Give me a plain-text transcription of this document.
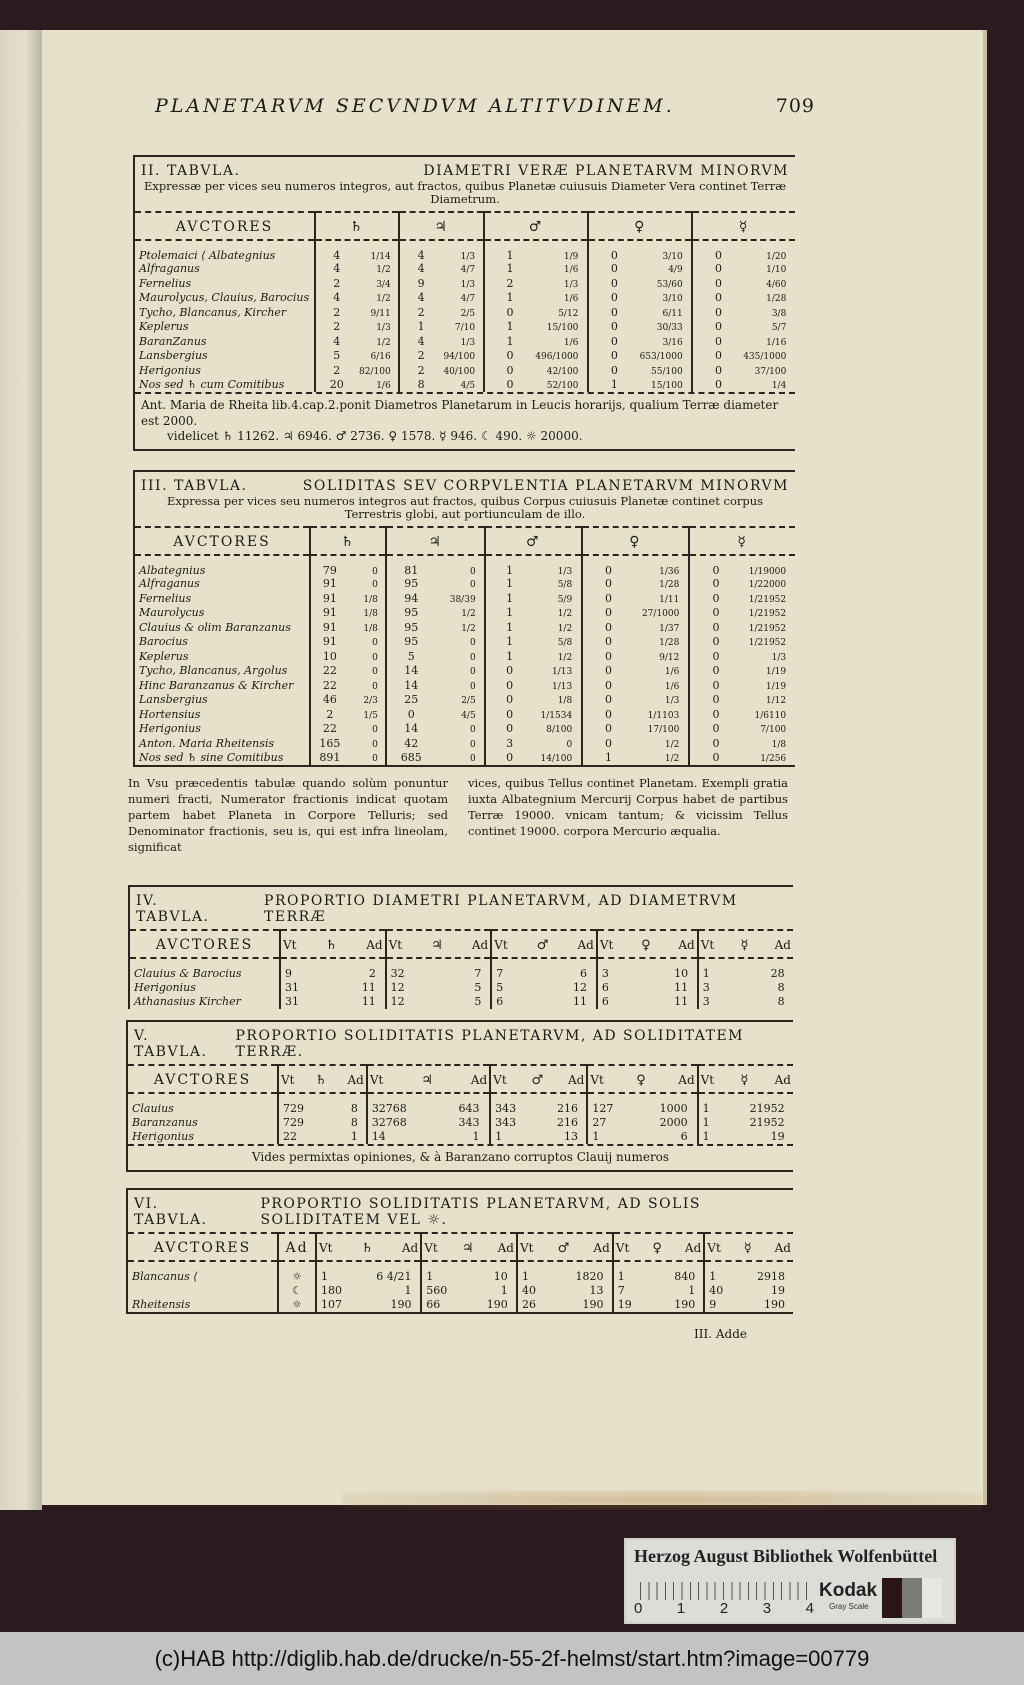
PLANETARVM SECVNDVM ALTITVDINEM.	709
II. TABVLA.	DIAMETRI VERÆ PLANETARVM MINORVM
Expressæ per vices seu numeros integros, aut fractos, quibus Planetæ cuiusuis Diameter Vera continet Terræ Diametrum.
AVCTORES	♄	♃	♂	♀	☿
Ptolemaici ⟨ Albategnius	4 1/14	4 1/3	1 1/9	0 3/10	0 1/20
Alfraganus	4 1/2	4 4/7	1 1/6	0 4/9	0 1/10
Fernelius	2 3/4	9 1/3	2 1/3	0 53/60	0 4/60
Maurolycus, Clauius, Barocius	4 1/2	4 4/7	1 1/6	0 3/10	0 1/28
Tycho, Blancanus, Kircher	2 9/11	2 2/5	0 5/12	0 6/11	0 3/8
Keplerus	2 1/3	1 7/10	1 15/100	0 30/33	0 5/7
BaranZanus	4 1/2	4 1/3	1 1/6	0 3/16	0 1/16
Lansbergius	5 6/16	2 94/100	0 496/1000	0 653/1000	0 435/1000
Herigonius	2 82/100	2 40/100	0 42/100	0 55/100	0 37/100
Nos sed ♄ cum Comitibus	20 1/6	8 4/5	0 52/100	1 15/100	0 1/4
Ant. Maria de Rheita lib.4.cap.2.ponit Diametros Planetarum in Leucis horarijs, qualium Terræ diameter est 2000.
videlicet ♄ 11262. ♃ 6946. ♂ 2736. ♀ 1578. ☿ 946. ☾ 490. ☼ 20000.
III. TABVLA.	SOLIDITAS SEV CORPVLENTIA PLANETARVM MINORVM
Expressa per vices seu numeros integros aut fractos, quibus Corpus cuiusuis Planetæ continet corpus Terrestris globi, aut portiunculam de illo.
AVCTORES	♄	♃	♂	♀	☿
Albategnius	79 0	81 0	1 1/3	0 1/36	0 1/19000
Alfraganus	91 0	95 0	1 5/8	0 1/28	0 1/22000
Fernelius	91 1/8	94 38/39	1 5/9	0 1/11	0 1/21952
Maurolycus	91 1/8	95 1/2	1 1/2	0 27/1000	0 1/21952
Clauius & olim Baranzanus	91 1/8	95 1/2	1 1/2	0 1/37	0 1/21952
Barocius	91 0	95 0	1 5/8	0 1/28	0 1/21952
Keplerus	10 0	5 0	1 1/2	0 9/12	0 1/3
Tycho, Blancanus, Argolus	22 0	14 0	0 1/13	0 1/6	0 1/19
Hinc Baranzanus & Kircher	22 0	14 0	0 1/13	0 1/6	0 1/19
Lansbergius	46 2/3	25 2/5	0 1/8	0 1/3	0 1/12
Hortensius	2 1/5	0 4/5	0 1/1534	0 1/1103	0 1/6110
Herigonius	22 0	14 0	0 8/100	0 17/100	0 7/100
Anton. Maria Rheitensis	165 0	42 0	3 0	0 1/2	0 1/8
Nos sed ♄ sine Comitibus	891 0	685 0	0 14/100	1 1/2	0 1/256
In Vsu præcedentis tabulæ quando solùm ponuntur numeri fracti, Numerator fractionis indicat quotam partem habet Planeta in Corpore Telluris; sed Denominator fractionis, seu is, qui est infra lineolam, significat
vices, quibus Tellus continet Planetam. Exempli gratia iuxta Albategnium Mercurij Corpus habet de partibus Terræ 19000. vnicam tantum; & vicissim Tellus continet 19000. corpora Mercurio æqualia.
IV. TABVLA.
PROPORTIO DIAMETRI PLANETARVM, AD DIAMETRVM TERRÆ
AVCTORES	Vt ♄ Ad	Vt ♃ Ad	Vt ♂ Ad	Vt ♀ Ad	Vt ☿ Ad

Clauius & Barocius	9 2	32 7	7 6	3 10	1 28
Herigonius	31 11	12 5	5 12	6 11	3 8
Athanasius Kircher	31 11	12 5	6 11	6 11	3 8
V. TABVLA.
PROPORTIO SOLIDITATIS PLANETARVM, AD SOLIDITATEM TERRÆ.
AVCTORES	Vt ♄ Ad	Vt ♃ Ad	Vt ♂ Ad	Vt ♀ Ad	Vt ☿ Ad

Clauius	729 8	32768 643	343 216	127 1000	1 21952
Baranzanus	729 8	32768 343	343 216	27 2000	1 21952
Herigonius	22 1	14 1	1 13	1 6	1 19
Vides permixtas opiniones, & à Baranzano corruptos Clauij numeros
VI. TABVLA.
PROPORTIO SOLIDITATIS PLANETARVM, AD SOLIS SOLIDITATEM VEL ☼.
AVCTORES	Ad	Vt ♄ Ad	Vt ♃ Ad	Vt ♂ Ad	Vt ♀ Ad	Vt ☿ Ad

Blancanus ⟨	☼	1 6 4/21	1 10	1 1820	1 840	1 2918
	☾	180 1	560 1	40 13	7 1	40 19
Rheitensis	☼	107 190	66 190	26 190	19 190	9 190
III. Adde
Herzog August Bibliothek Wolfenbüttel
0 1 2 3 4
Kodak
Gray Scale
(c)HAB http://diglib.hab.de/drucke/n-55-2f-helmst/start.htm?image=00779
